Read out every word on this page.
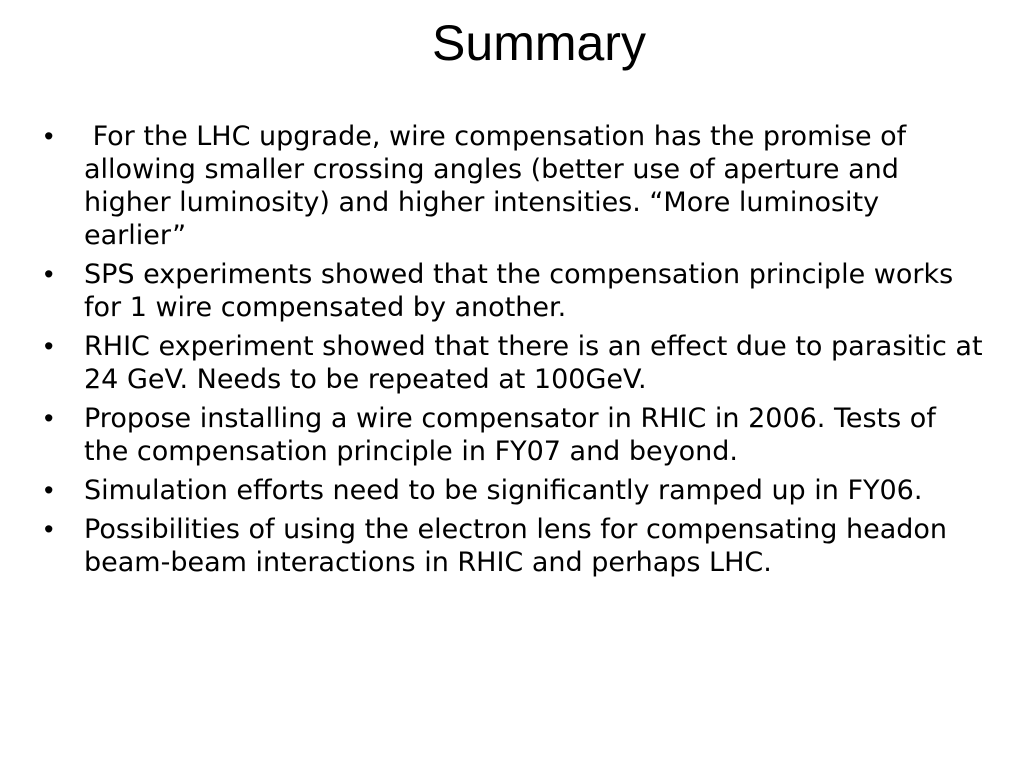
Summary
• For the LHC upgrade, wire compensation has the promise of allowing smaller crossing angles (better use of aperture and higher luminosity) and higher intensities. “More luminosity earlier”
• SPS experiments showed that the compensation principle works for 1 wire compensated by another.
• RHIC experiment showed that there is an effect due to parasitic at 24 GeV. Needs to be repeated at 100GeV.
• Propose installing a wire compensator in RHIC in 2006. Tests of the compensation principle in FY07 and beyond.
• Simulation efforts need to be significantly ramped up in FY06.
• Possibilities of using the electron lens for compensating headon beam-beam interactions in RHIC and perhaps LHC.
